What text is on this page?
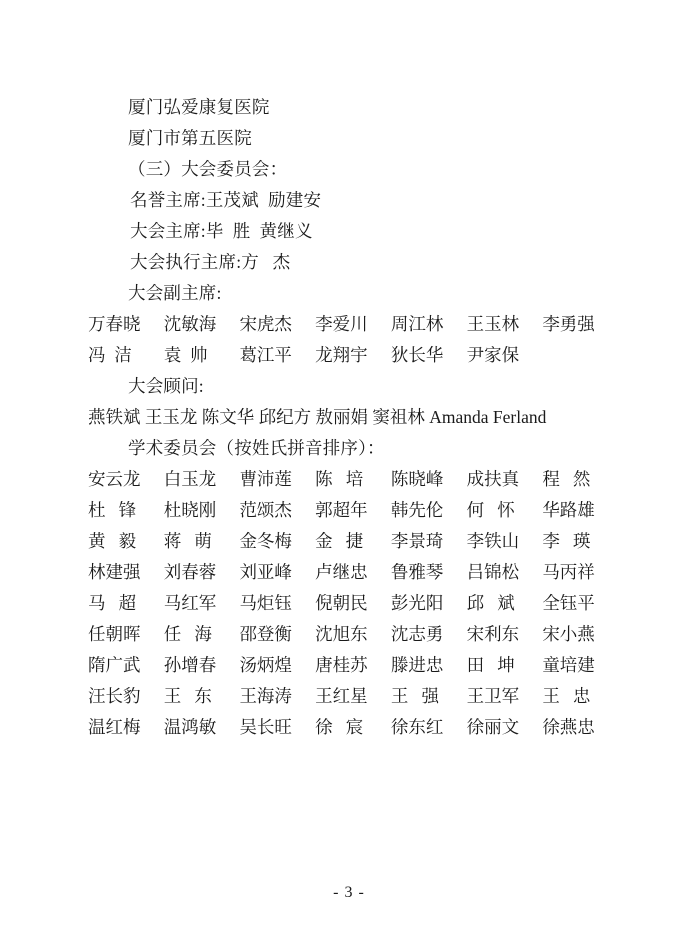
厦门弘爱康复医院
厦门市第五医院
（三）大会委员会：
名誉主席:王茂斌  励建安
大会主席:毕  胜  黄继义
大会执行主席:方   杰
大会副主席:
万春晓	沈敏海	宋虎杰	李爱川	周江林	王玉林	李勇强
冯  洁	袁  帅	葛江平	龙翔宇	狄长华	尹家保
大会顾问:
燕铁斌 王玉龙 陈文华 邱纪方 敖丽娟 窦祖林 Amanda Ferland
学术委员会（按姓氏拼音排序）：
安云龙	白玉龙	曹沛莲	陈   培	陈晓峰	成扶真	程   然
杜   锋	杜晓刚	范颂杰	郭超年	韩先伦	何   怀	华路雄
黄   毅	蒋   萌	金冬梅	金   捷	李景琦	李铁山	李   瑛
林建强	刘春蓉	刘亚峰	卢继忠	鲁雅琴	吕锦松	马丙祥
马   超	马红军	马炬钰	倪朝民	彭光阳	邱   斌	全钰平
任朝晖	任   海	邵登衡	沈旭东	沈志勇	宋利东	宋小燕
隋广武	孙增春	汤炳煌	唐桂苏	滕进忠	田   坤	童培建
汪长豹	王   东	王海涛	王红星	王   强	王卫军	王   忠
温红梅	温鸿敏	吴长旺	徐   宸	徐东红	徐丽文	徐燕忠
- 3 -
